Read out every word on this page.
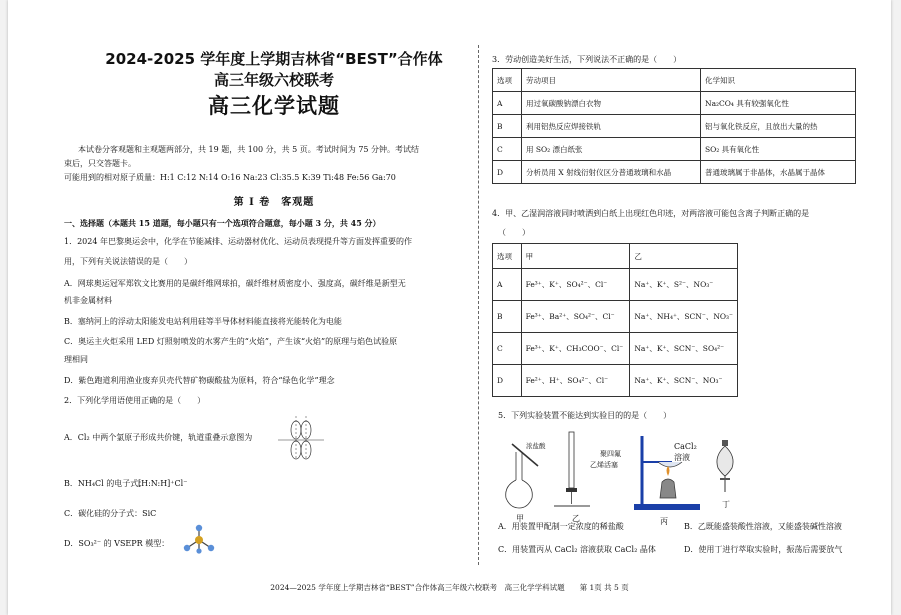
2024-2025 学年度上学期吉林省“BEST”合作体
高三年级六校联考
高三化学试题
本试卷分客观题和主观题两部分，共 19 题，共 100 分，共 5 页。考试时间为 75 分钟。考试结
束后，只交答题卡。
可能用到的相对原子质量：H:1 C:12 N:14 O:16 Na:23 Cl:35.5 K:39 Ti:48 Fe:56 Ga:70
第 I 卷　客观题
一、选择题（本题共 15 道题，每小题只有一个选项符合题意，每小题 3 分，共 45 分）
1．2024 年巴黎奥运会中，化学在节能减排、运动器材优化、运动员表现提升等方面发挥重要的作
用，下列有关说法错误的是（　　）
A．网球奥运冠军郑钦文比赛用的是碳纤维网球拍，碳纤维材质密度小、强度高，碳纤维是新型无
机非金属材料
B．塞纳河上的浮动太阳能发电站利用硅等半导体材料能直接将光能转化为电能
C．奥运主火炬采用 LED 灯照射喷发的水雾产生的“火焰”，产生该“火焰”的原理与焰色试验原
理相同
D．紫色跑道利用渔业废弃贝壳代替矿物碳酸盐为原料，符合“绿色化学”理念
2．下列化学用语使用正确的是（　　）
A．Cl₂ 中两个氯原子形成共价键，轨道重叠示意图为
B．NH₄Cl 的电子式：
[H:N:H]⁺Cl⁻
C．碳化硅的分子式：SiC
D．SO₃²⁻ 的 VSEPR 模型：
3．劳动创造美好生活，下列说法不正确的是（　　）
选项	劳动项目	化学知识
A	用过氧碳酸钠漂白衣物	Na₂CO₄ 具有较强氧化性
B	利用铝热反应焊接铁轨	铝与氧化铁反应，且放出大量的热
C	用 SO₂ 漂白纸张	SO₂ 具有氧化性
D	分析员用 X 射线衍射仪区分普通玻璃和水晶	普通玻璃属于非晶体，水晶属于晶体
4．甲、乙湿润溶液同时喷洒到白纸上出现红色印迹，对两溶液可能包含离子判断正确的是
（　　）
选项	甲	乙
A	Fe³⁺、K⁺、SO₄²⁻、Cl⁻	Na⁺、K⁺、S²⁻、NO₃⁻
B	Fe³⁺、Ba²⁺、SO₄²⁻、Cl⁻	Na⁺、NH₄⁺、SCN⁻、NO₃⁻
C	Fe³⁺、K⁺、CH₃COO⁻、Cl⁻	Na⁺、K⁺、SCN⁻、SO₄²⁻
D	Fe²⁺、H⁺、SO₄²⁻、Cl⁻	Na⁺、K⁺、SCN⁻、NO₃⁻
5．下列实验装置不能达到实验目的的是（　　）
浓盐酸
甲
聚四氟
乙烯活塞
乙
CaCl₂
溶液
丙
丁
A．用装置甲配制一定浓度的稀盐酸	B．乙既能盛装酸性溶液，又能盛装碱性溶液
C．用装置丙从 CaCl₂ 溶液获取 CaCl₂ 晶体	D．使用丁进行萃取实验时，振荡后需要放气
2024—2025 学年度上学期吉林省“BEST”合作体高三年级六校联考　高三化学学科试题　　第 1页 共 5 页
